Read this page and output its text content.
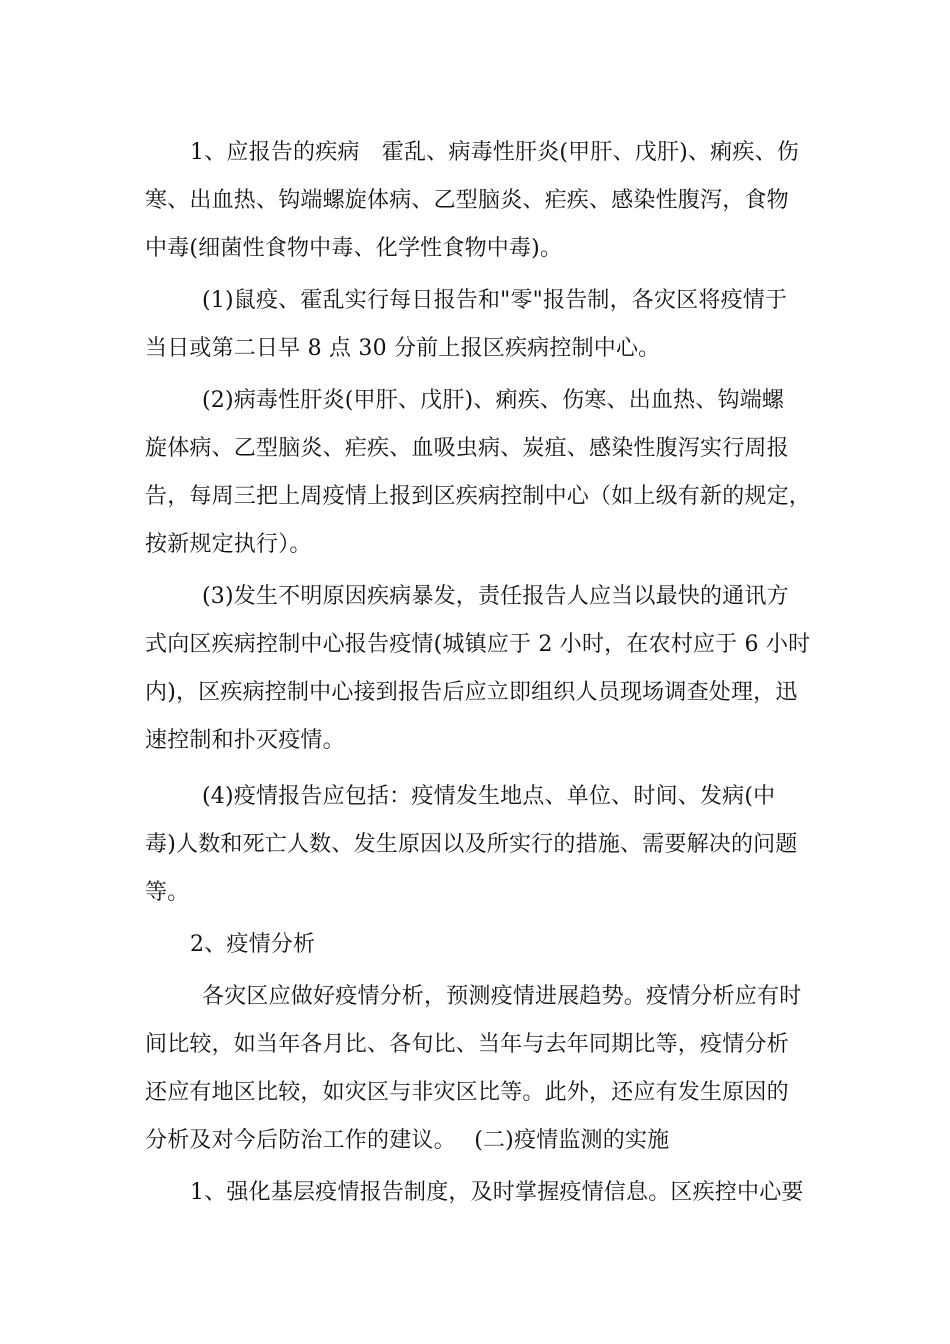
1、应报告的疾病　霍乱、病毒性肝炎(甲肝、戊肝)、痢疾、伤
寒、出血热、钩端螺旋体病、乙型脑炎、疟疾、感染性腹泻，食物
中毒(细菌性食物中毒、化学性食物中毒)。
(1)鼠疫、霍乱实行每日报告和"零"报告制，各灾区将疫情于
当日或第二日早 8 点 30 分前上报区疾病控制中心。
(2)病毒性肝炎(甲肝、戊肝)、痢疾、伤寒、出血热、钩端螺
旋体病、乙型脑炎、疟疾、血吸虫病、炭疽、感染性腹泻实行周报
告，每周三把上周疫情上报到区疾病控制中心（如上级有新的规定，
按新规定执行）。
(3)发生不明原因疾病暴发，责任报告人应当以最快的通讯方
式向区疾病控制中心报告疫情(城镇应于 2 小时，在农村应于 6 小时
内)，区疾病控制中心接到报告后应立即组织人员现场调查处理，迅
速控制和扑灭疫情。
(4)疫情报告应包括：疫情发生地点、单位、时间、发病(中
毒)人数和死亡人数、发生原因以及所实行的措施、需要解决的问题
等。
2、疫情分析
各灾区应做好疫情分析，预测疫情进展趋势。疫情分析应有时
间比较，如当年各月比、各旬比、当年与去年同期比等，疫情分析
还应有地区比较，如灾区与非灾区比等。此外，还应有发生原因的
分析及对今后防治工作的建议。　 (二)疫情监测的实施
1、强化基层疫情报告制度，及时掌握疫情信息。区疾控中心要
